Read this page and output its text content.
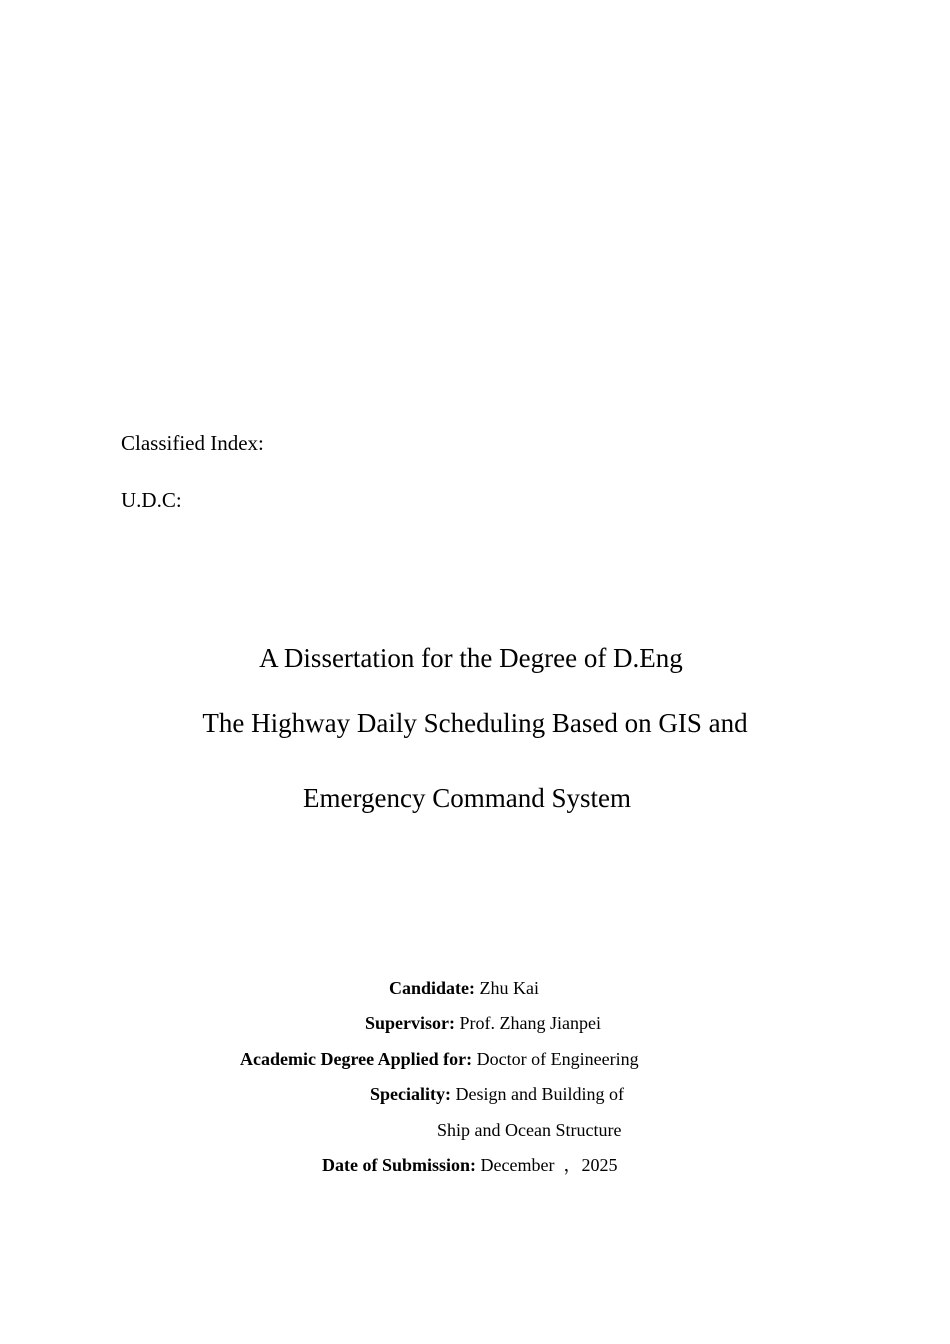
Classified Index:
U.D.C:
A Dissertation for the Degree of D.Eng
The Highway Daily Scheduling Based on GIS and
Emergency Command System
Candidate: Zhu Kai
Supervisor: Prof. Zhang Jianpei
Academic Degree Applied for: Doctor of Engineering
Speciality: Design and Building of
Ship and Ocean Structure
Date of Submission: December  ，2025
